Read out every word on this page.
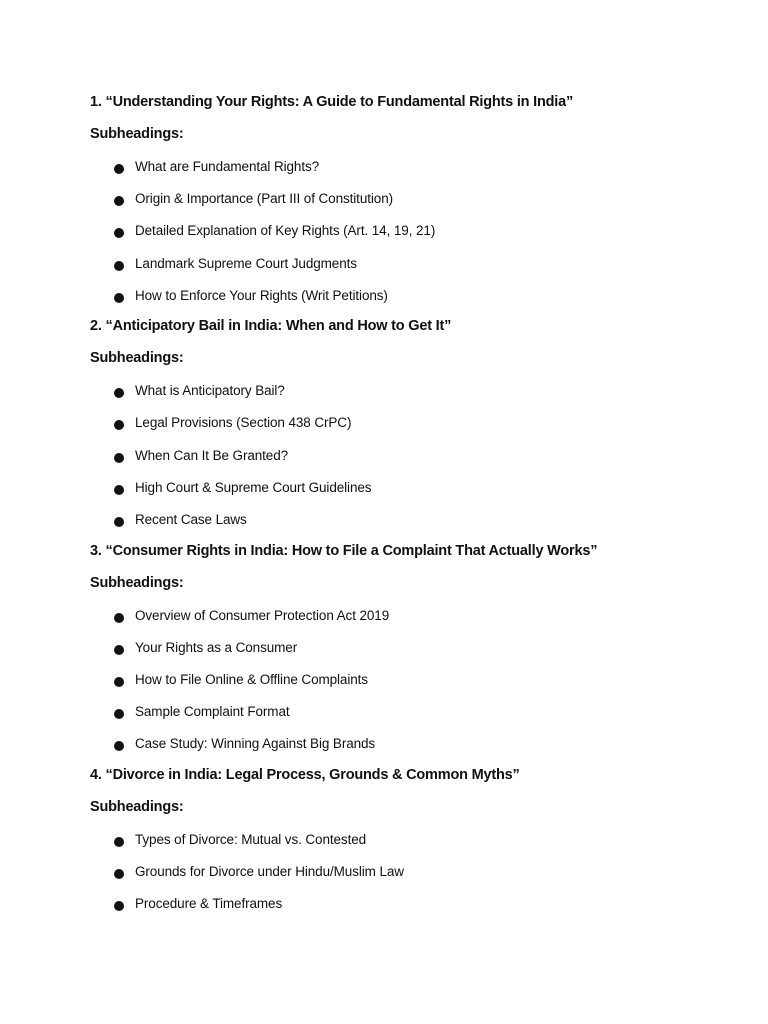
1. “Understanding Your Rights: A Guide to Fundamental Rights in India”
Subheadings:
What are Fundamental Rights?
Origin & Importance (Part III of Constitution)
Detailed Explanation of Key Rights (Art. 14, 19, 21)
Landmark Supreme Court Judgments
How to Enforce Your Rights (Writ Petitions)
2. “Anticipatory Bail in India: When and How to Get It”
Subheadings:
What is Anticipatory Bail?
Legal Provisions (Section 438 CrPC)
When Can It Be Granted?
High Court & Supreme Court Guidelines
Recent Case Laws
3. “Consumer Rights in India: How to File a Complaint That Actually Works”
Subheadings:
Overview of Consumer Protection Act 2019
Your Rights as a Consumer
How to File Online & Offline Complaints
Sample Complaint Format
Case Study: Winning Against Big Brands
4. “Divorce in India: Legal Process, Grounds & Common Myths”
Subheadings:
Types of Divorce: Mutual vs. Contested
Grounds for Divorce under Hindu/Muslim Law
Procedure & Timeframes
